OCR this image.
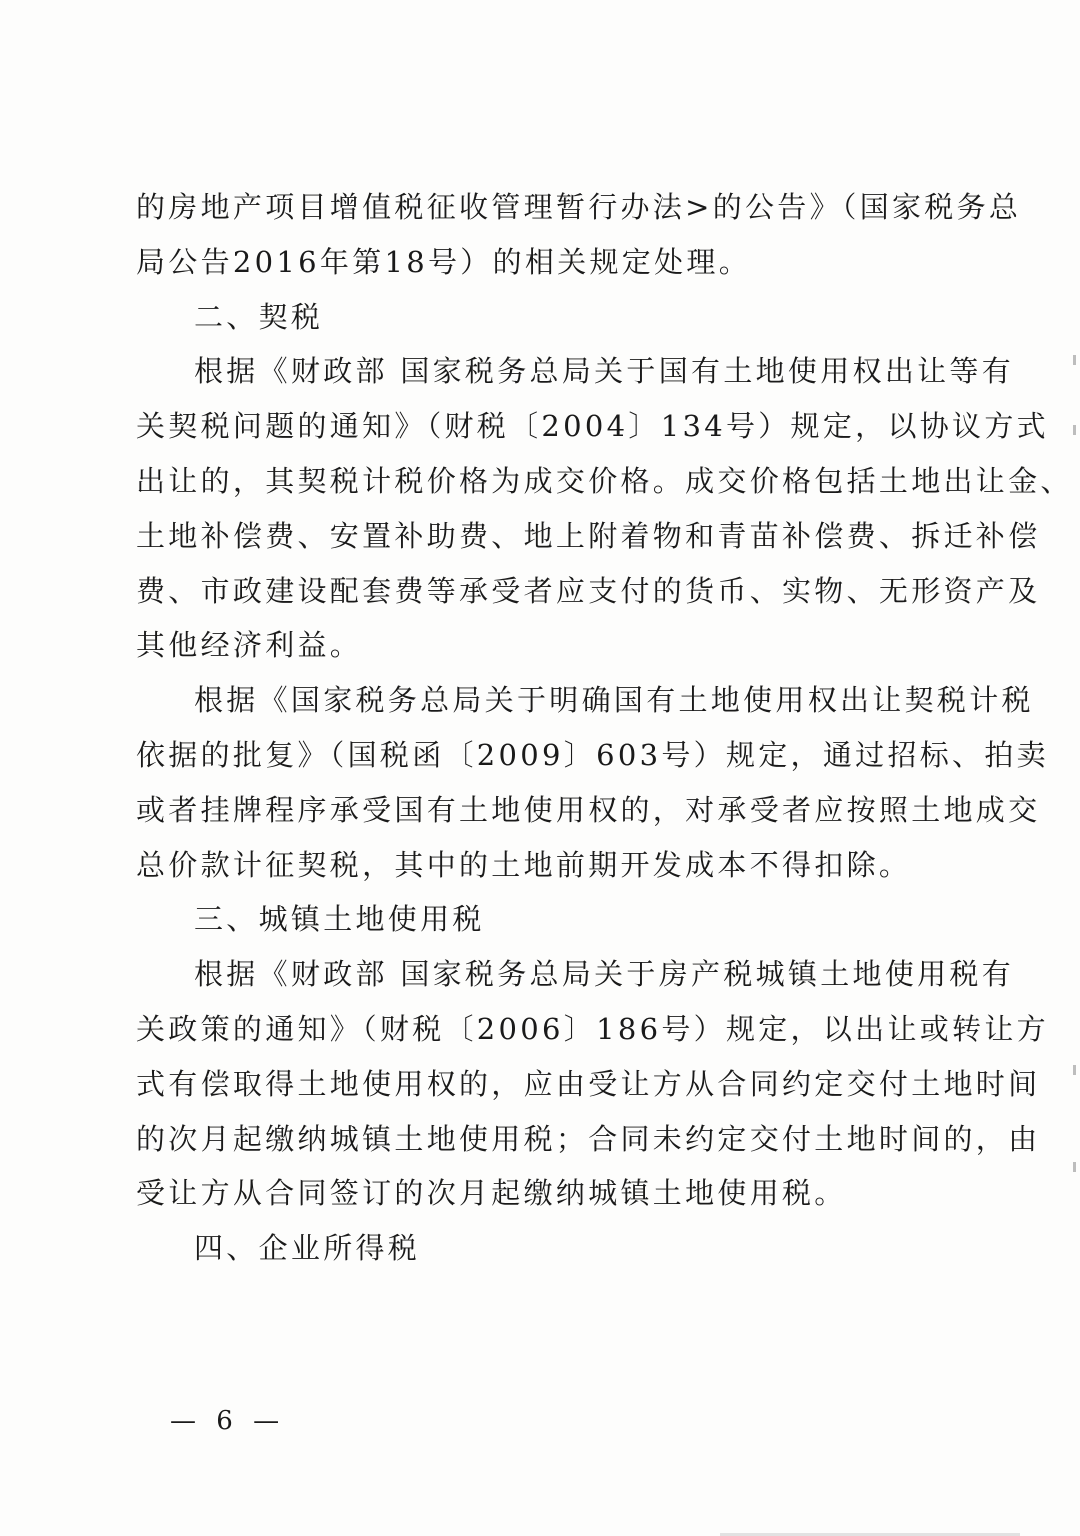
的房地产项目增值税征收管理暂行办法>的公告》（国家税务总
局公告2016年第18号）的相关规定处理。
二、契税
根据《财政部 国家税务总局关于国有土地使用权出让等有
关契税问题的通知》（财税〔2004〕134号）规定，以协议方式
出让的，其契税计税价格为成交价格。成交价格包括土地出让金、
土地补偿费、安置补助费、地上附着物和青苗补偿费、拆迁补偿
费、市政建设配套费等承受者应支付的货币、实物、无形资产及
其他经济利益。
根据《国家税务总局关于明确国有土地使用权出让契税计税
依据的批复》（国税函〔2009〕603号）规定，通过招标、拍卖
或者挂牌程序承受国有土地使用权的，对承受者应按照土地成交
总价款计征契税，其中的土地前期开发成本不得扣除。
三、城镇土地使用税
根据《财政部 国家税务总局关于房产税城镇土地使用税有
关政策的通知》（财税〔2006〕186号）规定，以出让或转让方
式有偿取得土地使用权的，应由受让方从合同约定交付土地时间
的次月起缴纳城镇土地使用税；合同未约定交付土地时间的，由
受让方从合同签订的次月起缴纳城镇土地使用税。
四、企业所得税
— 6 —
